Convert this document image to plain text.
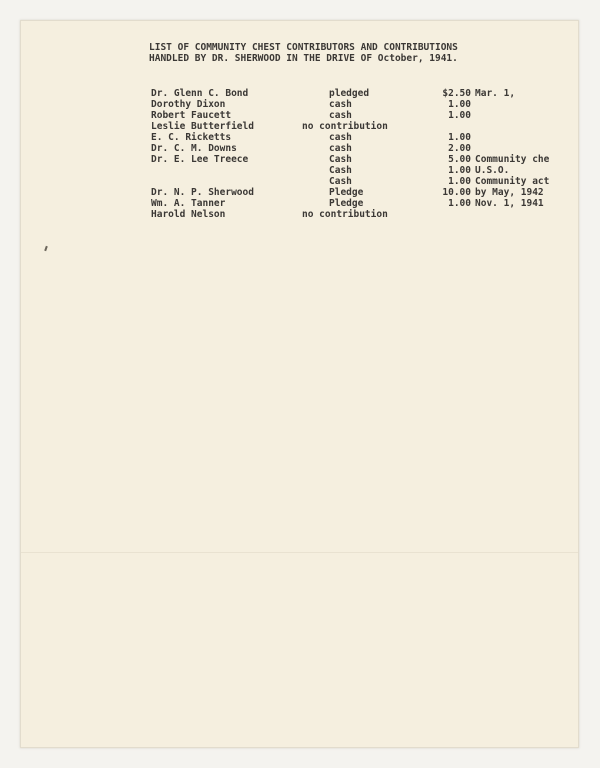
LIST OF COMMUNITY CHEST CONTRIBUTORS AND CONTRIBUTIONS
HANDLED BY DR. SHERWOOD IN THE DRIVE OF October, 1941.
Dr. Glenn C. Bond	pledged	$2.50 Mar. 1,
Dorothy Dixon	cash	1.00
Robert Faucett	cash	1.00
Leslie Butterfield	no contribution
E. C. Ricketts	cash	1.00
Dr. C. M. Downs	cash	2.00
Dr. E. Lee Treece	Cash	5.00 Community che
Cash	1.00 U.S.O.
Cash	1.00 Community act
Dr. N. P. Sherwood	Pledge	10.00 by May, 1942
Wm. A. Tanner	Pledge	1.00 Nov. 1, 1941
Harold Nelson	no contribution
